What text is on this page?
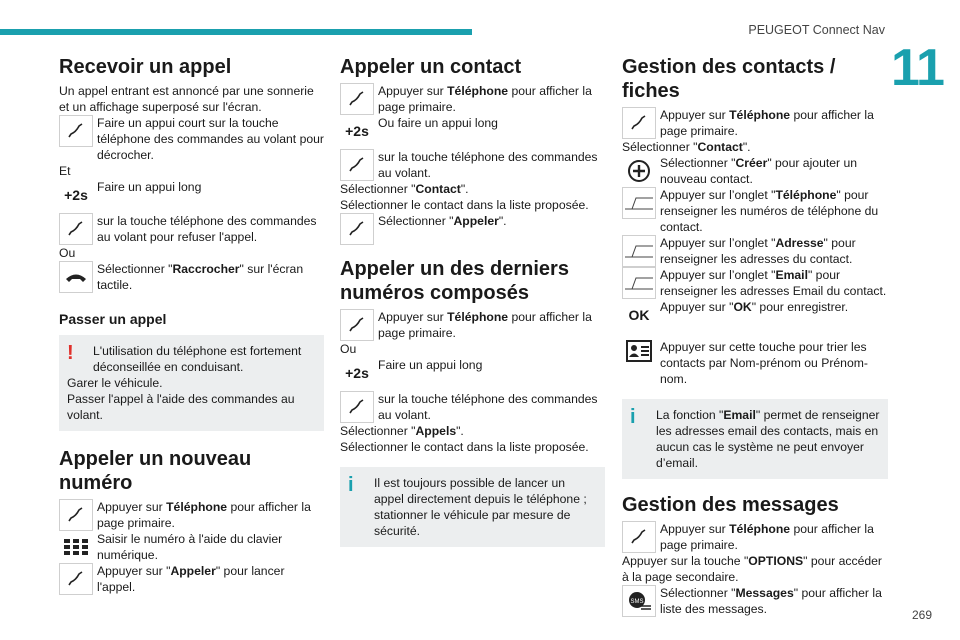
PEUGEOT Connect Nav
11
Recevoir un appel

Un appel entrant est annoncé par une sonnerie et un affichage superposé sur l'écran.

Faire un appui court sur la touche téléphone des commandes au volant pour décrocher.

Et

+2s Faire un appui long
sur la touche téléphone des commandes au volant pour refuser l'appel.

Ou

Sélectionner "Raccrocher" sur l'écran tactile.
Passer un appel
!	L'utilisation du téléphone est fortement déconseillée en conduisant.

Garer le véhicule.

Passer l'appel à l'aide des commandes au volant.

Appeler un nouveau numéro
Appuyer sur Téléphone pour afficher la page primaire.
Saisir le numéro à l'aide du clavier numérique.
Appuyer sur "Appeler" pour lancer l'appel.
Appeler un contact
Appuyer sur Téléphone pour afficher la page primaire.
+2s Ou faire un appui long
sur la touche téléphone des commandes au volant.

Sélectionner "Contact".

Sélectionner le contact dans la liste proposée.

Sélectionner "Appeler".
Appeler un des derniers numéros composés
Appuyer sur Téléphone pour afficher la page primaire.

Ou

+2s Faire un appui long
sur la touche téléphone des commandes au volant.

Sélectionner "Appels".

Sélectionner le contact dans la liste proposée.

i	Il est toujours possible de lancer un appel directement depuis le téléphone ; stationner le véhicule par mesure de sécurité.

Gestion des contacts / fiches
Appuyer sur Téléphone pour afficher la page primaire.

Sélectionner "Contact".

Sélectionner "Créer" pour ajouter un nouveau contact.
Appuyer sur l’onglet "Téléphone" pour renseigner les numéros de téléphone du contact.
Appuyer sur l’onglet "Adresse" pour renseigner les adresses du contact.
Appuyer sur l’onglet "Email" pour renseigner les adresses Email du contact.
OK Appuyer sur "OK" pour enregistrer.
Appuyer sur cette touche pour trier les contacts par Nom-prénom ou Prénom-nom.
i	La fonction "Email" permet de renseigner les adresses email des contacts, mais en aucun cas le système ne peut envoyer d’email.

Gestion des messages
Appuyer sur Téléphone pour afficher la page primaire.

Appuyer sur la touche "OPTIONS" pour accéder à la page secondaire.

SMS
Sélectionner "Messages" pour afficher la liste des messages.	269
